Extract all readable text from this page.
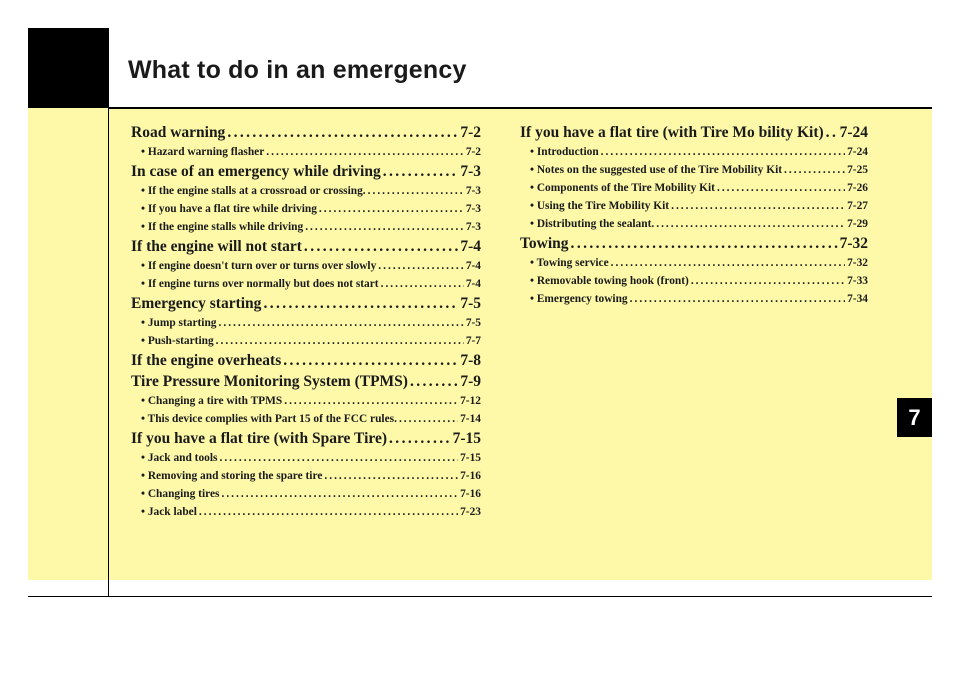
What to do in an emergency
7
Road warning .....	7-2
• Hazard warning flasher .....	7-2
In case of an emergency while driving .....	7-3
• If the engine stalls at a crossroad or crossing. .....	7-3
• If you have a flat tire while driving .....	7-3
• If the engine stalls while driving .....	7-3
If the engine will not start .....	7-4
• If engine doesn't turn over or turns over slowly .....	7-4
• If engine turns over normally but does not start .....	7-4
Emergency starting .....	7-5
• Jump starting .....	7-5
• Push-starting .....	7-7
If the engine overheats .....	7-8
Tire Pressure Monitoring System (TPMS) .....	7-9
• Changing a tire with TPMS .....	7-12
• This device complies with Part 15 of the FCC rules. .....	7-14
If you have a flat tire (with Spare Tire) .....	7-15
• Jack and tools .....	7-15
• Removing and storing the spare tire .....	7-16
• Changing tires .....	7-16
• Jack label .....	7-23
If you have a flat tire (with Tire Mo bility Kit) ..... 7-24
• Introduction .....	7-24
• Notes on the suggested use of the Tire Mobility Kit .....	7-25
• Components of the Tire Mobility Kit .....	7-26
• Using the Tire Mobility Kit .....	7-27
• Distributing the sealant. .....	7-29
Towing .....	7-32
• Towing service .....	7-32
• Removable towing hook (front) .....	7-33
• Emergency towing .....	7-34
